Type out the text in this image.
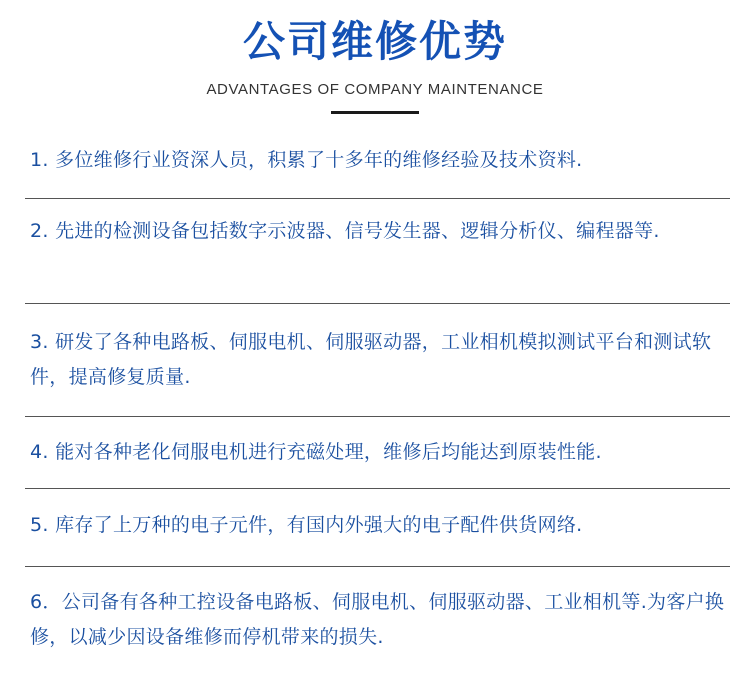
公司维修优势
ADVANTAGES OF COMPANY MAINTENANCE
1. 多位维修行业资深人员，积累了十多年的维修经验及技术资料.
2. 先进的检测设备包括数字示波器、信号发生器、逻辑分析仪、编程器等.
3. 研发了各种电路板、伺服电机、伺服驱动器，工业相机模拟测试平台和测试软件，提高修复质量.
4. 能对各种老化伺服电机进行充磁处理，维修后均能达到原装性能.
5. 库存了上万种的电子元件，有国内外强大的电子配件供货网络.
6．公司备有各种工控设备电路板、伺服电机、伺服驱动器、工业相机等.为客户换修，以减少因设备维修而停机带来的损失.
